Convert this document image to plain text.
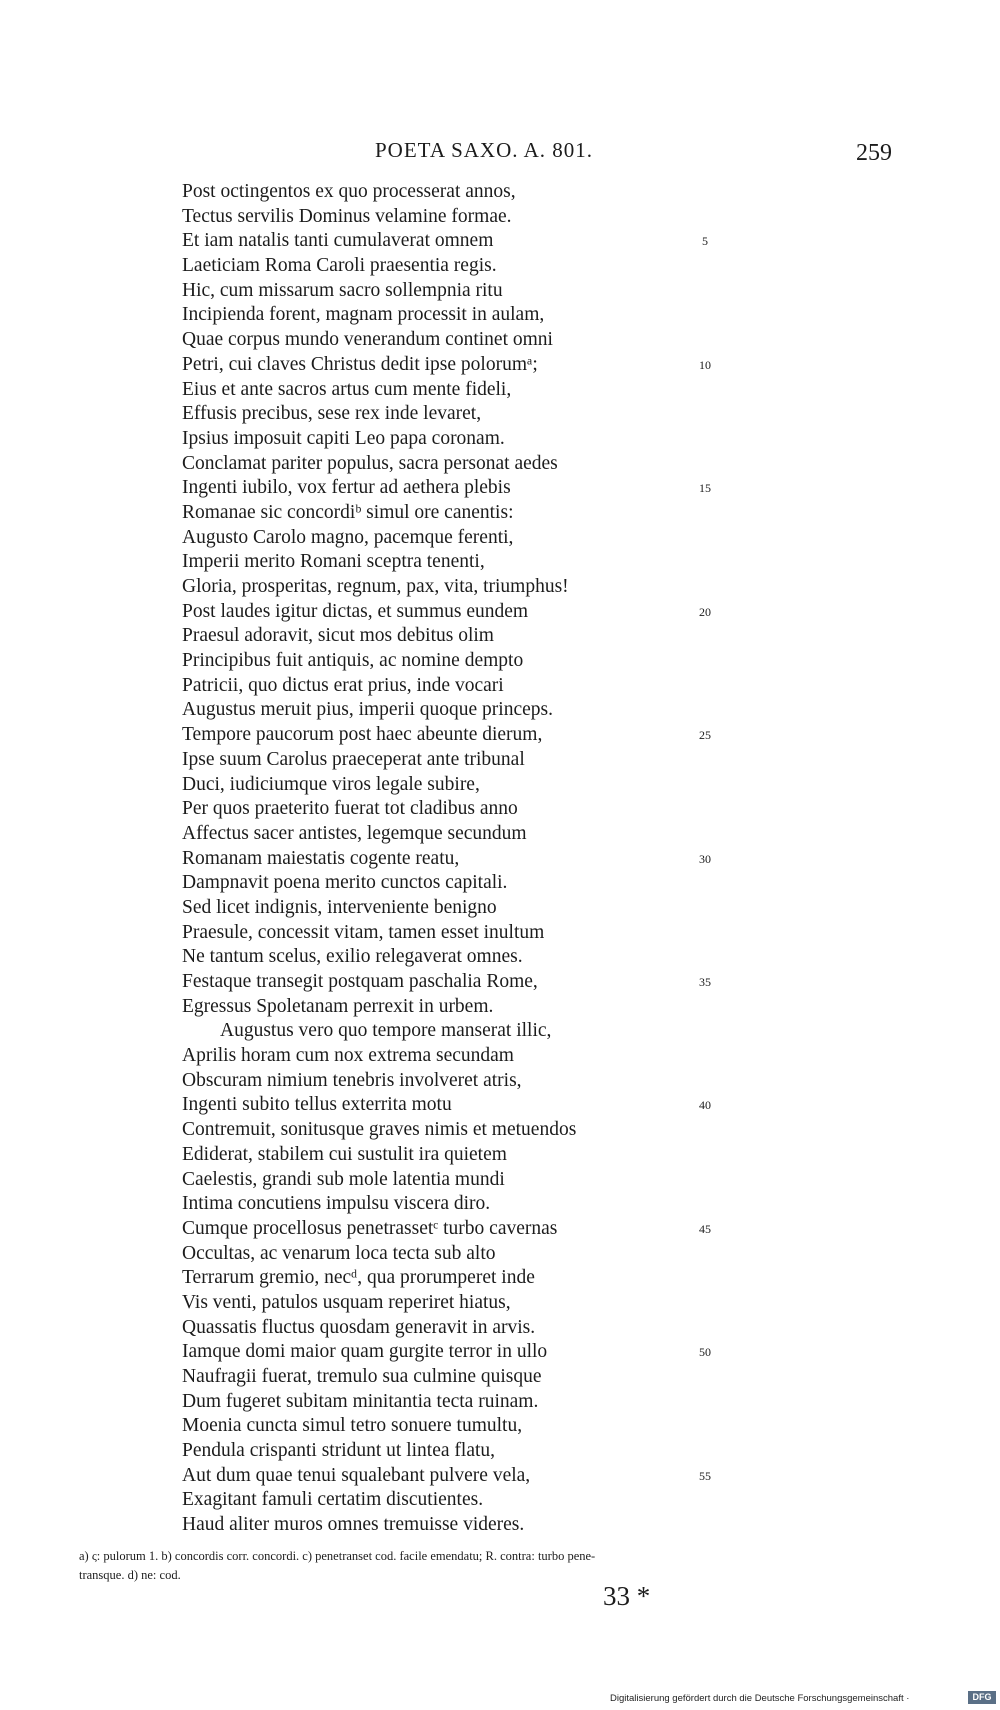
POETA SAXO. A. 801.	259
Post octingentos ex quo processerat annos,
Tectus servilis Dominus velamine formae.
Et iam natalis tanti cumulaverat omnem	5
Laeticiam Roma Caroli praesentia regis.
Hic, cum missarum sacro sollempnia ritu
Incipienda forent, magnam processit in aulam,
Quae corpus mundo venerandum continet omni
Petri, cui claves Christus dedit ipse polorumᵃ;	10
Eius et ante sacros artus cum mente fideli,
Effusis precibus, sese rex inde levaret,
Ipsius imposuit capiti Leo papa coronam.
Conclamat pariter populus, sacra personat aedes
Ingenti iubilo, vox fertur ad aethera plebis	15
Romanae sic concordiᵇ simul ore canentis:
Augusto Carolo magno, pacemque ferenti,
Imperii merito Romani sceptra tenenti,
Gloria, prosperitas, regnum, pax, vita, triumphus!
Post laudes igitur dictas, et summus eundem	20
Praesul adoravit, sicut mos debitus olim
Principibus fuit antiquis, ac nomine dempto
Patricii, quo dictus erat prius, inde vocari
Augustus meruit pius, imperii quoque princeps.
Tempore paucorum post haec abeunte dierum,	25
Ipse suum Carolus praeceperat ante tribunal
Duci, iudiciumque viros legale subire,
Per quos praeterito fuerat tot cladibus anno
Affectus sacer antistes, legemque secundum
Romanam maiestatis cogente reatu,	30
Dampnavit poena merito cunctos capitali.
Sed licet indignis, interveniente benigno
Praesule, concessit vitam, tamen esset inultum
Ne tantum scelus, exilio relegaverat omnes.
Festaque transegit postquam paschalia Rome,	35
Egressus Spoletanam perrexit in urbem.
Augustus vero quo tempore manserat illic,
Aprilis horam cum nox extrema secundam
Obscuram nimium tenebris involveret atris,
Ingenti subito tellus exterrita motu	40
Contremuit, sonitusque graves nimis et metuendos
Ediderat, stabilem cui sustulit ira quietem
Caelestis, grandi sub mole latentia mundi
Intima concutiens impulsu viscera diro.
Cumque procellosus penetrassetᶜ turbo cavernas	45
Occultas, ac venarum loca tecta sub alto
Terrarum gremio, necᵈ, qua prorumperet inde
Vis venti, patulos usquam reperiret hiatus,
Quassatis fluctus quosdam generavit in arvis.
Iamque domi maior quam gurgite terror in ullo	50
Naufragii fuerat, tremulo sua culmine quisque
Dum fugeret subitam minitantia tecta ruinam.
Moenia cuncta simul tetro sonuere tumultu,
Pendula crispanti stridunt ut lintea flatu,
Aut dum quae tenui squalebant pulvere vela,	55
Exagitant famuli certatim discutientes.
Haud aliter muros omnes tremuisse videres.
a) ς: pulorum 1. b) concordis corr. concordi. c) penetranset cod. facile emendatu; R. contra: turbo pene-
transque. d) ne: cod.
33 *
Digitalisierung gefördert durch die Deutsche Forschungsgemeinschaft ·	DFG
